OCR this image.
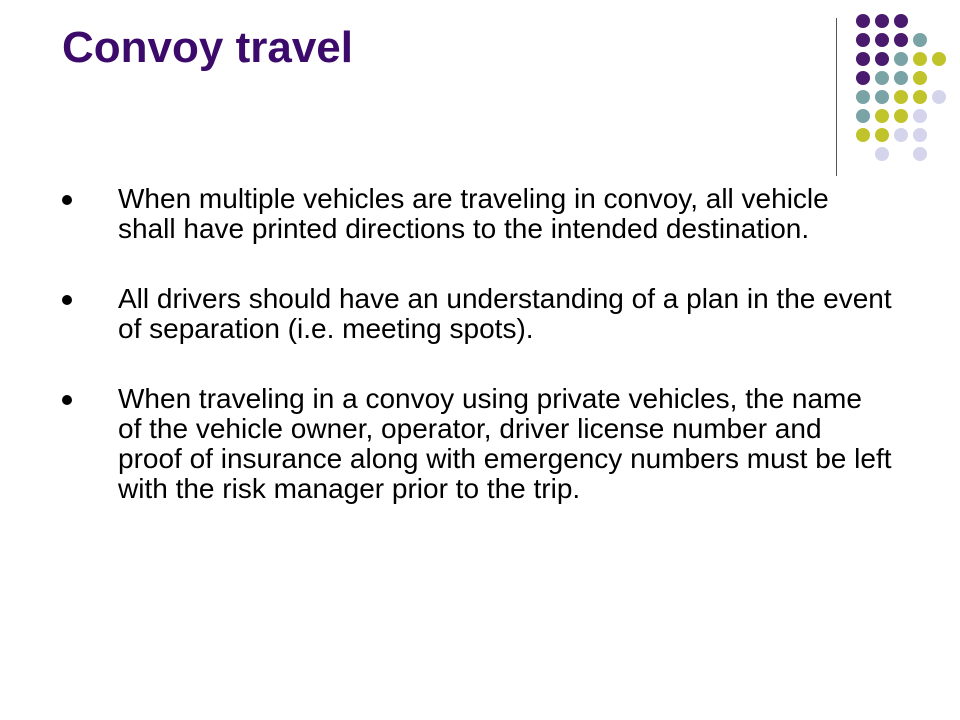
Convoy travel
When multiple vehicles are traveling in convoy, all vehicle shall have printed directions to the intended destination.
All drivers should have an understanding of a plan in the event of separation (i.e. meeting spots).
When traveling in a convoy using private vehicles, the name of the vehicle owner, operator, driver license number and proof of insurance along with emergency numbers must be left with the risk manager prior to the trip.
